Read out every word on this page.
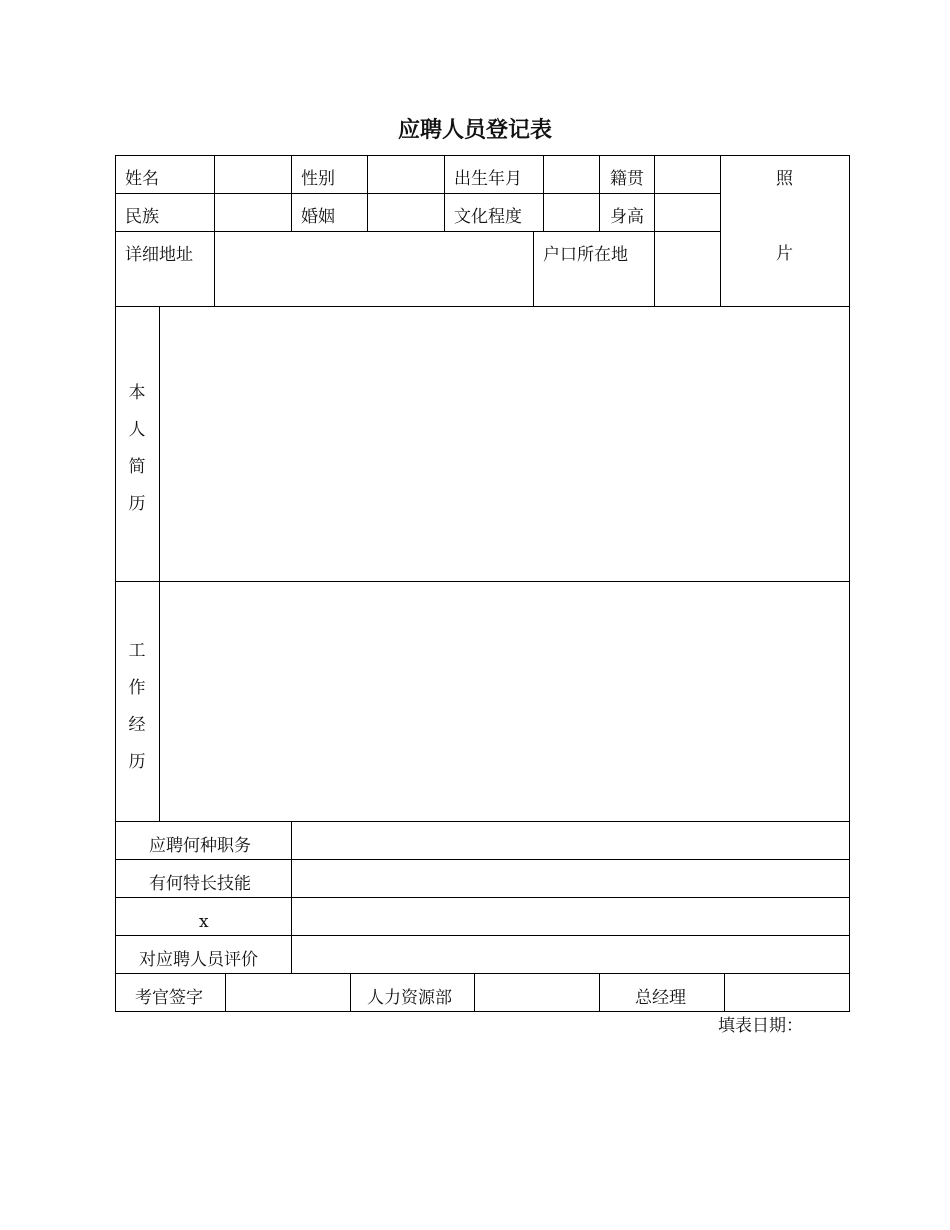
应聘人员登记表
姓名	性别	出生年月	籍贯	照
民族	婚姻	文化程度	身高
详细地址	户口所在地	片
本
人
简
历
工
作
经
历
应聘何种职务
有何特长技能
x
对应聘人员评价
考官签字	人力资源部	总经理
填表日期：
